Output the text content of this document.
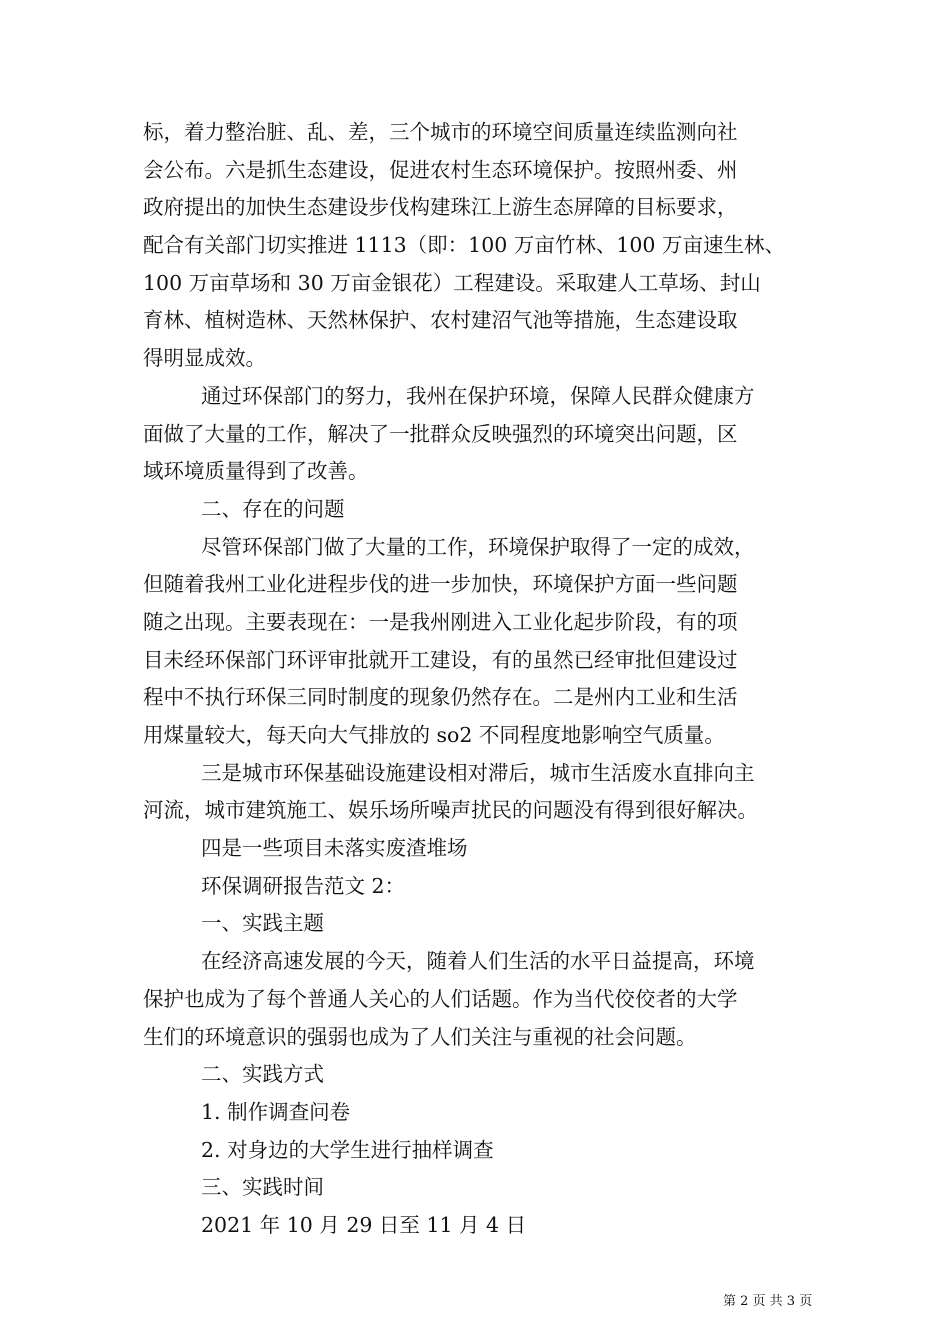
标，着力整治脏、乱、差，三个城市的环境空间质量连续监测向社
会公布。六是抓生态建设，促进农村生态环境保护。按照州委、州
政府提出的加快生态建设步伐构建珠江上游生态屏障的目标要求，
配合有关部门切实推进 1113（即：100 万亩竹林、100 万亩速生林、
100 万亩草场和 30 万亩金银花）工程建设。采取建人工草场、封山
育林、植树造林、天然林保护、农村建沼气池等措施，生态建设取
得明显成效。
通过环保部门的努力，我州在保护环境，保障人民群众健康方
面做了大量的工作，解决了一批群众反映强烈的环境突出问题，区
域环境质量得到了改善。
二、存在的问题
尽管环保部门做了大量的工作，环境保护取得了一定的成效，
但随着我州工业化进程步伐的进一步加快，环境保护方面一些问题
随之出现。主要表现在：一是我州刚进入工业化起步阶段，有的项
目未经环保部门环评审批就开工建设，有的虽然已经审批但建设过
程中不执行环保三同时制度的现象仍然存在。二是州内工业和生活
用煤量较大，每天向大气排放的 so2 不同程度地影响空气质量。
三是城市环保基础设施建设相对滞后，城市生活废水直排向主
河流，城市建筑施工、娱乐场所噪声扰民的问题没有得到很好解决。
四是一些项目未落实废渣堆场
环保调研报告范文 2：
一、实践主题
在经济高速发展的今天，随着人们生活的水平日益提高，环境
保护也成为了每个普通人关心的人们话题。作为当代佼佼者的大学
生们的环境意识的强弱也成为了人们关注与重视的社会问题。
二、实践方式
1. 制作调查问卷
2. 对身边的大学生进行抽样调查
三、实践时间
2021 年 10 月 29 日至 11 月 4 日
第 2 页 共 3 页
